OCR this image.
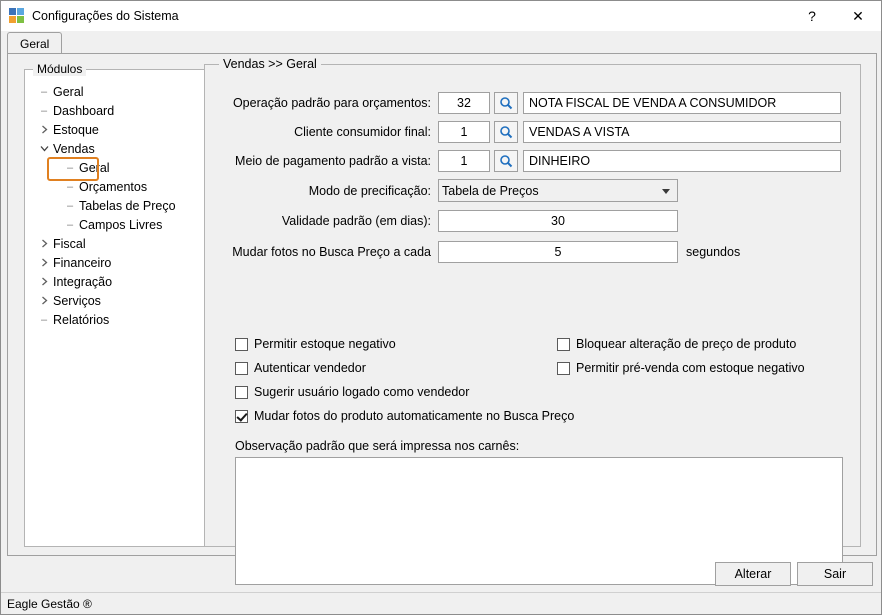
Configurações do Sistema	?	✕
Geral
Módulos
– Geral
– Dashboard
Estoque
Vendas
– Geral
– Orçamentos
– Tabelas de Preço
– Campos Livres
Fiscal
Financeiro
Integração
Serviços
– Relatórios
Vendas >> Geral
Operação padrão para orçamentos:
32
NOTA FISCAL DE VENDA A CONSUMIDOR
Cliente consumidor final:
1
VENDAS A VISTA
Meio de pagamento padrão a vista:
1
DINHEIRO
Modo de precificação:
Tabela de Preços
Validade padrão (em dias):
30
Mudar fotos no Busca Preço a cada
5	segundos
Permitir estoque negativo
Autenticar vendedor
Sugerir usuário logado como vendedor
Mudar fotos do produto automaticamente no Busca Preço
Bloquear alteração de preço de produto
Permitir pré-venda com estoque negativo
Observação padrão que será impressa nos carnês:
Alterar	Sair
Eagle Gestão ®
